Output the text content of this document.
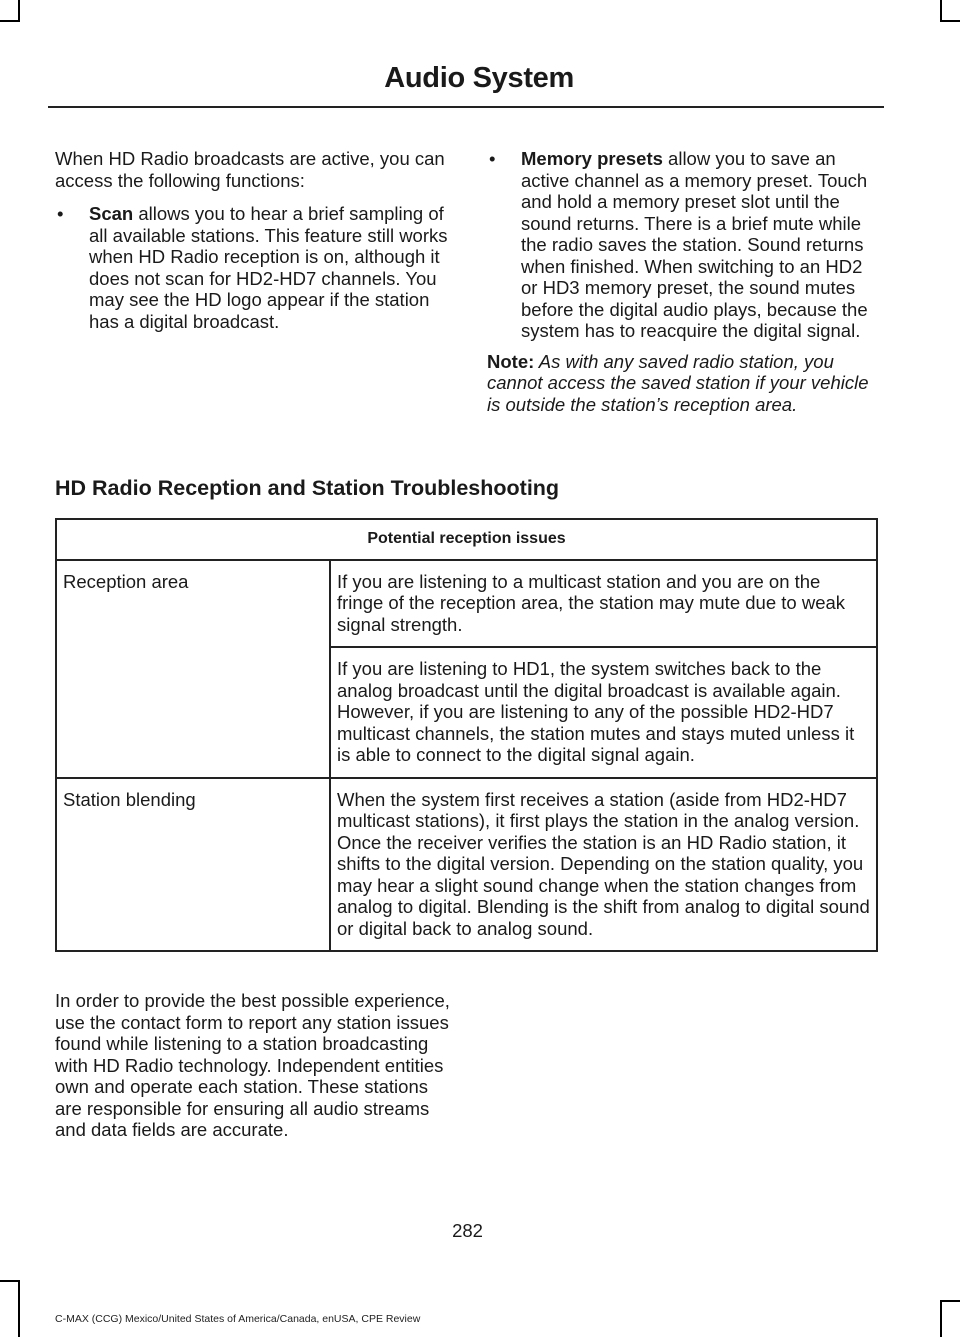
Audio System

When HD Radio broadcasts are active, you can access the following functions:

• Scan allows you to hear a brief sampling of all available stations. This feature still works when HD Radio reception is on, although it does not scan for HD2-HD7 channels. You may see the HD logo appear if the station has a digital broadcast.
• Memory presets allow you to save an active channel as a memory preset. Touch and hold a memory preset slot until the sound returns. There is a brief mute while the radio saves the station. Sound returns when finished. When switching to an HD2 or HD3 memory preset, the sound mutes before the digital audio plays, because the system has to reacquire the digital signal.

Note: As with any saved radio station, you cannot access the saved station if your vehicle is outside the station’s reception area.

HD Radio Reception and Station Troubleshooting
Potential reception issues	
Reception area	If you are listening to a multicast station and you are on the fringe of the reception area, the station may mute due to weak signal strength.
	If you are listening to HD1, the system switches back to the analog broadcast until the digital broadcast is available again. However, if you are listening to any of the possible HD2-HD7 multicast channels, the station mutes and stays muted unless it is able to connect to the digital signal again.
Station blending	When the system first receives a station (aside from HD2-HD7 multicast stations), it first plays the station in the analog version. Once the receiver verifies the station is an HD Radio station, it shifts to the digital version. Depending on the station quality, you may hear a slight sound change when the station changes from analog to digital. Blending is the shift from analog to digital sound or digital back to analog sound.

In order to provide the best possible experience, use the contact form to report any station issues found while listening to a station broadcasting with HD Radio technology. Independent entities own and operate each station. These stations are responsible for ensuring all audio streams and data fields are accurate.

282
C-MAX (CCG) Mexico/United States of America/Canada, enUSA, CPE Review
